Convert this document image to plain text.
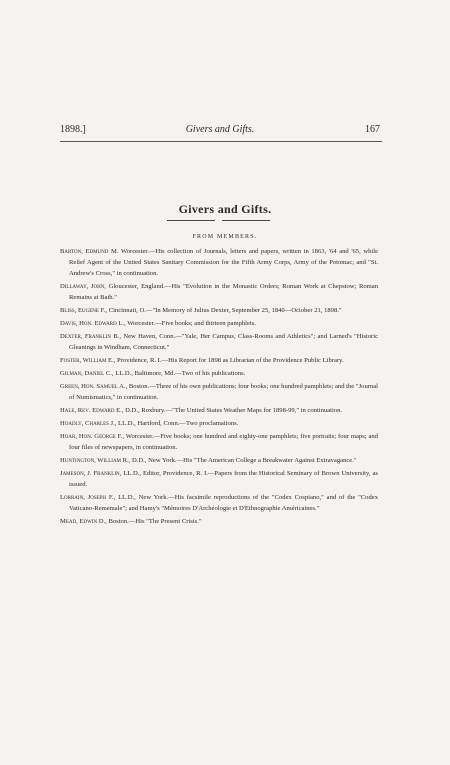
1898.]	Givers and Gifts.	167
Givers and Gifts.
FROM MEMBERS.

Barton, Edmund M. Worcester.—His collection of Journals, letters and papers, written in 1863, '64 and '65, while Relief Agent of the United States Sanitary Commission for the Fifth Army Corps, Army of the Potomac; and "St. Andrew's Cross," in continuation.

Dillaway, John, Gloucester, England.—His "Evolution in the Monastic Orders; Roman Work at Chepstow; Roman Remains at Bath."

Bliss, Eugene F., Cincinnati, O.—"In Memory of Julius Dexter, September 25, 1840—October 21, 1898."

Davis, Hon. Edward L., Worcester.—Five books; and thirteen pamphlets.

Dexter, Franklin B., New Haven, Conn.—"Yale, Her Campus, Class-Rooms and Athletics"; and Larned's "Historic Gleanings in Windham, Connecticut."

Foster, William E., Providence, R. I.—His Report for 1898 as Librarian of the Providence Public Library.

Gilman, Daniel C., LL.D., Baltimore, Md.—Two of his publications.

Green, Hon. Samuel A., Boston.—Three of his own publications; four books; one hundred pamphlets; and the "Journal of Numismatics," in continuation.

Hale, Rev. Edward E., D.D., Roxbury.—"The United States Weather Maps for 1898-99," in continuation.

Hoadly, Charles J., LL.D., Hartford, Conn.—Two proclamations.

Hoar, Hon. George F., Worcester.—Five books; one hundred and eighty-one pamphlets; five portraits; four maps; and four files of newspapers, in continuation.

Huntington, William R., D.D., New York.—His "The American College a Breakwater Against Extravagance."

Jameson, J. Franklin, LL.D., Editor, Providence, R. I.—Papers from the Historical Seminary of Brown University, as issued.

Lorrain, Joseph F., LL.D., New York.—His facsimile reproductions of the "Codex Cospiano," and of the "Codex Vaticano-Rememale"; and Hamy's "Mémoires D'Archéologie et D'Ethnographie Américaines."

Mead, Edwin D., Boston.—His "The Present Crisis."
